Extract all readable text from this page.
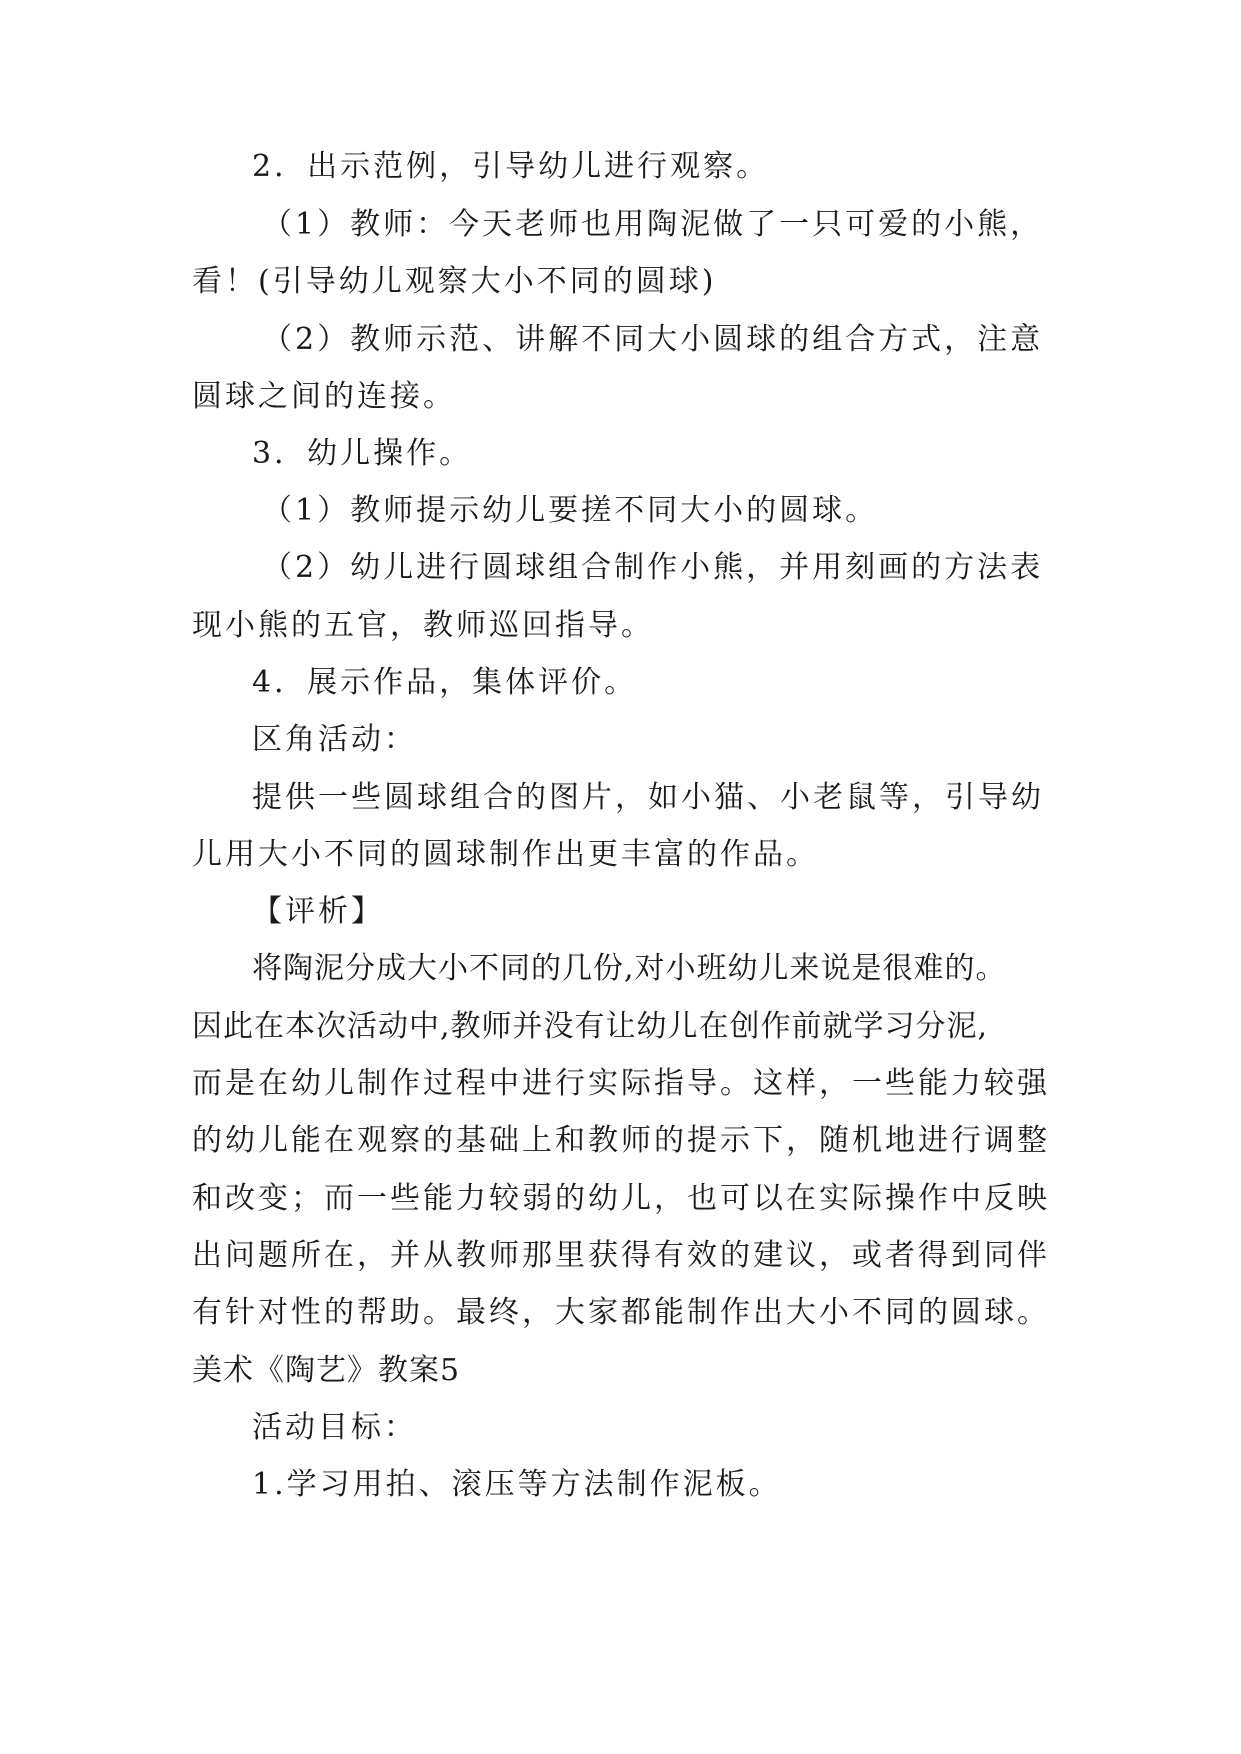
2．出示范例，引导幼儿进行观察。
（1）教师：今天老师也用陶泥做了一只可爱的小熊，
看！(引导幼儿观察大小不同的圆球)
（2）教师示范、讲解不同大小圆球的组合方式，注意
圆球之间的连接。
3．幼儿操作。
（1）教师提示幼儿要搓不同大小的圆球。
（2）幼儿进行圆球组合制作小熊，并用刻画的方法表
现小熊的五官，教师巡回指导。
4．展示作品，集体评价。
区角活动：
提供一些圆球组合的图片，如小猫、小老鼠等，引导幼
儿用大小不同的圆球制作出更丰富的作品。
【评析】
将陶泥分成大小不同的几份,对小班幼儿来说是很难的。
因此在本次活动中,教师并没有让幼儿在创作前就学习分泥,
而是在幼儿制作过程中进行实际指导。这样，一些能力较强
的幼儿能在观察的基础上和教师的提示下，随机地进行调整
和改变；而一些能力较弱的幼儿，也可以在实际操作中反映
出问题所在，并从教师那里获得有效的建议，或者得到同伴
有针对性的帮助。最终，大家都能制作出大小不同的圆球。
美术《陶艺》教案5
活动目标：
1.学习用拍、滚压等方法制作泥板。
